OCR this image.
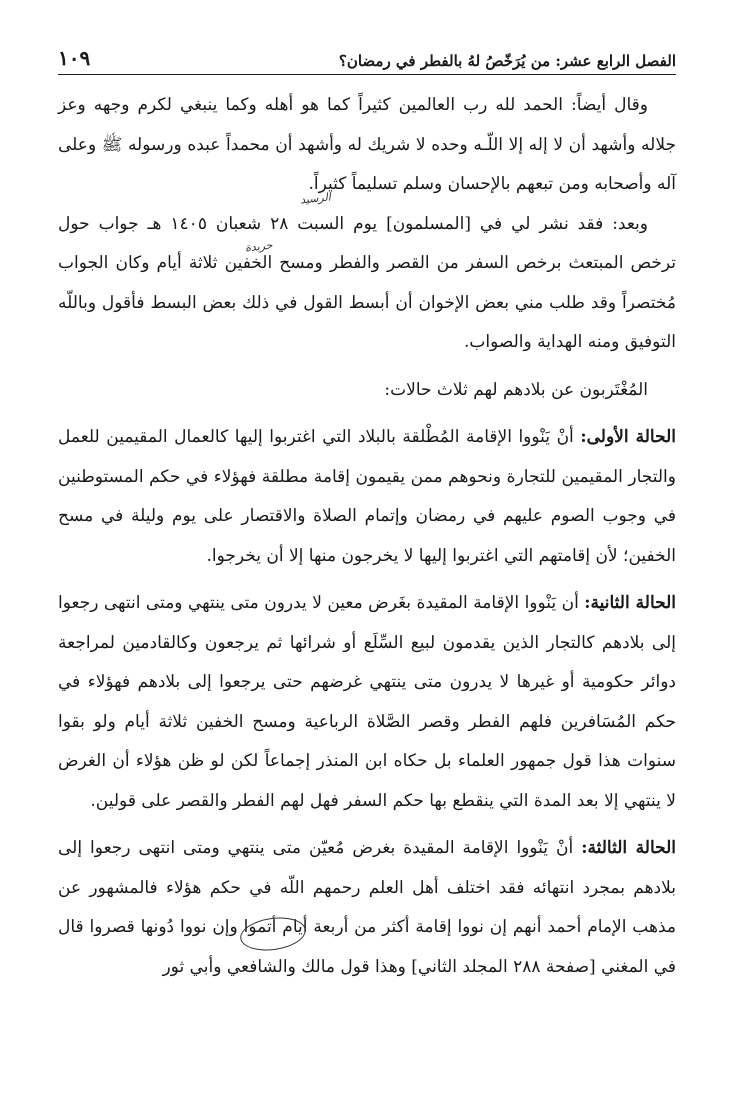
الفصل الرابع عشر: من يُرَخّصُ لهُ بالفطر في رمضان؟
١٠٩

وقال أيضاً: الحمد لله رب العالمين كثيراً كما هو أهله وكما ينبغي لكرم وجهه وعز جلاله وأشهد أن لا إله إلا اللّـه وحده لا شريك له وأشهد أن محمداً عبده ورسوله ﷺ وعلى آله وأصحابه ومن تبعهم بالإحسان وسلم تسليماً كثيراً.

وبعد: فقد نشر لي في [المسلمون] يوم السبت ٢٨ شعبان ١٤٠٥ هـ جواب حول ترخص المبتعث برخص السفر من القصر والفطر ومسح الخفين ثلاثة أيام وكان الجواب مُختصراً وقد طلب مني بعض الإخوان أن أبسط القول في ذلك بعض البسط فأقول وباللّه التوفيق ومنه الهداية والصواب.

المُغْتَربون عن بلادهم لهم ثلاث حالات:

الحالة الأولى: أنْ يَنْووا الإقامة المُطْلقة بالبلاد التي اغتربوا إليها كالعمال المقيمين للعمل والتجار المقيمين للتجارة ونحوهم ممن يقيمون إقامة مطلقة فهؤلاء في حكم المستوطنين في وجوب الصوم عليهم في رمضان وإتمام الصلاة والاقتصار على يوم وليلة في مسح الخفين؛ لأن إقامتهم التي اغتربوا إليها لا يخرجون منها إلا أن يخرجوا.

الحالة الثانية: أن يَنْووا الإقامة المقيدة بغَرض معين لا يدرون متى ينتهي ومتى انتهى رجعوا إلى بلادهم كالتجار الذين يقدمون لبيع السِّلَع أو شرائها ثم يرجعون وكالقادمين لمراجعة دوائر حكومية أو غيرها لا يدرون متى ينتهي غرضهم حتى يرجعوا إلى بلادهم فهؤلاء في حكم المُسَافرين فلهم الفطر وقصر الصَّلاة الرباعية ومسح الخفين ثلاثة أيام ولو بقوا سنوات هذا قول جمهور العلماء بل حكاه ابن المنذر إجماعاً لكن لو ظن هؤلاء أن الغرض لا ينتهي إلا بعد المدة التي ينقطع بها حكم السفر فهل لهم الفطر والقصر على قولين.

الحالة الثالثة: أنْ يَنْووا الإقامة المقيدة بغرض مُعيّن متى ينتهي ومتى انتهى رجعوا إلى بلادهم بمجرد انتهائه فقد اختلف أهل العلم رحمهم اللّه في حكم هؤلاء فالمشهور عن مذهب الإمام أحمد أنهم إن نووا إقامة أكثر من أربعة أيام أتموا وإن نووا دُونها قصروا قال في المغني [صفحة ٢٨٨ المجلد الثاني] وهذا قول مالك والشافعي وأبي ثور

الرسيد
حربدة
